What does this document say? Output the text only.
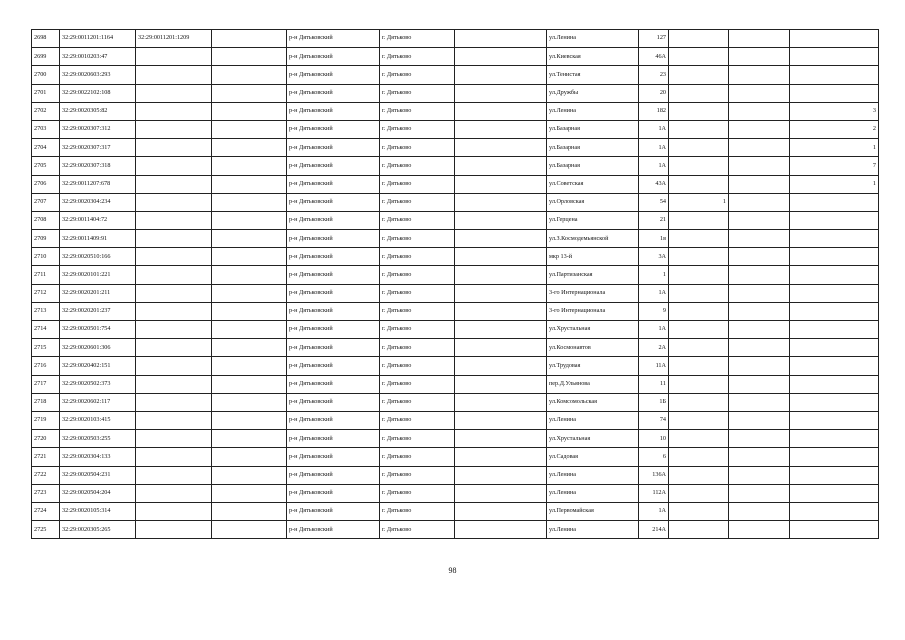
2698	32:29:0011201:1164	32:29:0011201:1209		р-н Дятьковский	г. Дятьково		ул.Ленина	127			
2699	32:29:0010203:47			р-н Дятьковский	г. Дятьково		ул.Киевская	46А			
2700	32:29:0020603:293			р-н Дятьковский	г. Дятьково		ул.Тенистая	23			
2701	32:29:0022102:108			р-н Дятьковский	г. Дятьково		ул.Дружбы	20			
2702	32:29:0020305:82			р-н Дятьковский	г. Дятьково		ул.Ленина	182			3
2703	32:29:0020307:312			р-н Дятьковский	г. Дятьково		ул.Базарная	1А			2
2704	32:29:0020307:317			р-н Дятьковский	г. Дятьково		ул.Базарная	1А			1
2705	32:29:0020307:318			р-н Дятьковский	г. Дятьково		ул.Базарная	1А			7
2706	32:29:0011207:678			р-н Дятьковский	г. Дятьково		ул.Советская	43А			1
2707	32:29:0020304:234			р-н Дятьковский	г. Дятьково		ул.Орловская	54	1		
2708	32:29:0011404:72			р-н Дятьковский	г. Дятьково		ул.Герцена	21			
2709	32:29:0011409:91			р-н Дятьковский	г. Дятьково		ул.З.Космодемьянской	1в			
2710	32:29:0020510:166			р-н Дятьковский	г. Дятьково		мкр 13-й	3А			
2711	32:29:0020101:221			р-н Дятьковский	г. Дятьково		ул.Партизанская	1			
2712	32:29:0020201:211			р-н Дятьковский	г. Дятьково		3-го Интернационала	1А			
2713	32:29:0020201:237			р-н Дятьковский	г. Дятьково		3-го Интернационала	9			
2714	32:29:0020501:754			р-н Дятьковский	г. Дятьково		ул.Хрустальная	1А			
2715	32:29:0020601:306			р-н Дятьковский	г. Дятьково		ул.Космонавтов	2А			
2716	32:29:0020402:151			р-н Дятьковский	г. Дятьково		ул.Трудовая	11А			
2717	32:29:0020502:373			р-н Дятьковский	г. Дятьково		пер.Д.Ульянова	11			
2718	32:29:0020602:117			р-н Дятьковский	г. Дятьково		ул.Комсомольская	1Б			
2719	32:29:0020103:415			р-н Дятьковский	г. Дятьково		ул.Ленина	74			
2720	32:29:0020503:255			р-н Дятьковский	г. Дятьково		ул.Хрустальная	10			
2721	32:29:0020304:133			р-н Дятьковский	г. Дятьково		ул.Садовая	6			
2722	32:29:0020504:231			р-н Дятьковский	г. Дятьково		ул.Ленина	136А			
2723	32:29:0020504:204			р-н Дятьковский	г. Дятьково		ул.Ленина	112А			
2724	32:29:0020105:314			р-н Дятьковский	г. Дятьково		ул.Первомайская	1А			
2725	32:29:0020305:265			р-н Дятьковский	г. Дятьково		ул.Ленина	214А			
98
